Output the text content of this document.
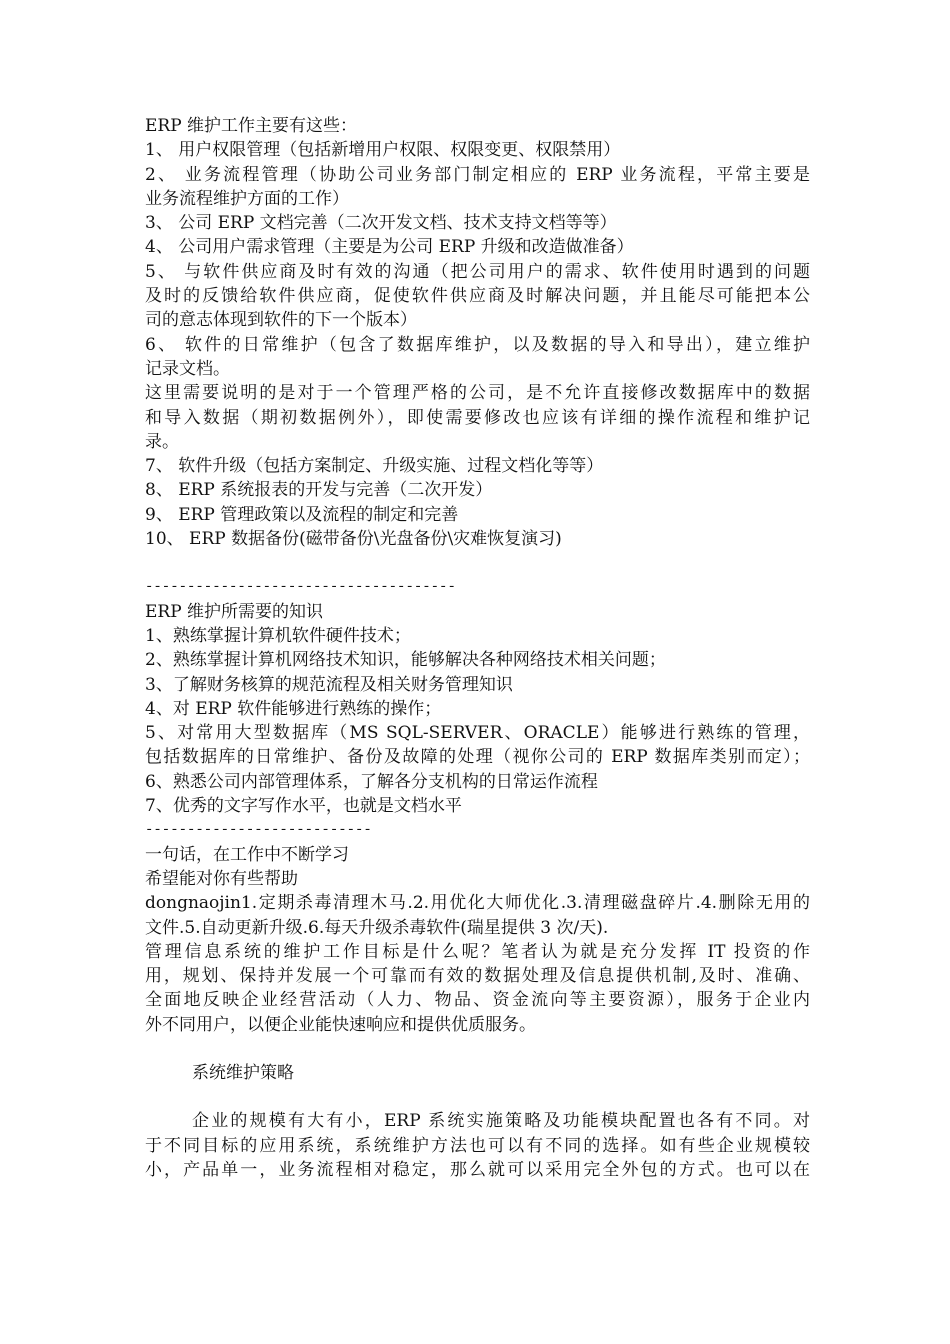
ERP 维护工作主要有这些：
1、 用户权限管理（包括新增用户权限、权限变更、权限禁用）
2、 业务流程管理（协助公司业务部门制定相应的 ERP 业务流程，平常主要是
业务流程维护方面的工作）
3、 公司 ERP 文档完善（二次开发文档、技术支持文档等等）
4、 公司用户需求管理（主要是为公司 ERP 升级和改造做准备）
5、 与软件供应商及时有效的沟通（把公司用户的需求、软件使用时遇到的问题
及时的反馈给软件供应商，促使软件供应商及时解决问题，并且能尽可能把本公
司的意志体现到软件的下一个版本）
6、 软件的日常维护（包含了数据库维护，以及数据的导入和导出），建立维护
记录文档。
这里需要说明的是对于一个管理严格的公司，是不允许直接修改数据库中的数据
和导入数据（期初数据例外），即使需要修改也应该有详细的操作流程和维护记
录。
7、 软件升级（包括方案制定、升级实施、过程文档化等等）
8、 ERP 系统报表的开发与完善（二次开发）
9、 ERP 管理政策以及流程的制定和完善
10、 ERP 数据备份(磁带备份\光盘备份\灾难恢复演习)
-------------------------------------
ERP 维护所需要的知识
1、熟练掌握计算机软件硬件技术；
2、熟练掌握计算机网络技术知识，能够解决各种网络技术相关问题；
3、了解财务核算的规范流程及相关财务管理知识
4、对 ERP 软件能够进行熟练的操作；
5、对常用大型数据库（MS SQL-SERVER、ORACLE）能够进行熟练的管理，
包括数据库的日常维护、备份及故障的处理（视你公司的 ERP 数据库类别而定）；
6、熟悉公司内部管理体系，了解各分支机构的日常运作流程
7、优秀的文字写作水平，也就是文档水平
---------------------------
一句话，在工作中不断学习
希望能对你有些帮助
dongnaojin1.定期杀毒清理木马.2.用优化大师优化.3.清理磁盘碎片.4.删除无用的
文件.5.自动更新升级.6.每天升级杀毒软件(瑞星提供 3 次/天).
管理信息系统的维护工作目标是什么呢？笔者认为就是充分发挥 IT 投资的作
用，规划、保持并发展一个可靠而有效的数据处理及信息提供机制,及时、准确、
全面地反映企业经营活动（人力、物品、资金流向等主要资源），服务于企业内
外不同用户，以便企业能快速响应和提供优质服务。
系统维护策略
企业的规模有大有小，ERP 系统实施策略及功能模块配置也各有不同。对
于不同目标的应用系统，系统维护方法也可以有不同的选择。如有些企业规模较
小，产品单一，业务流程相对稳定，那么就可以采用完全外包的方式。也可以在
